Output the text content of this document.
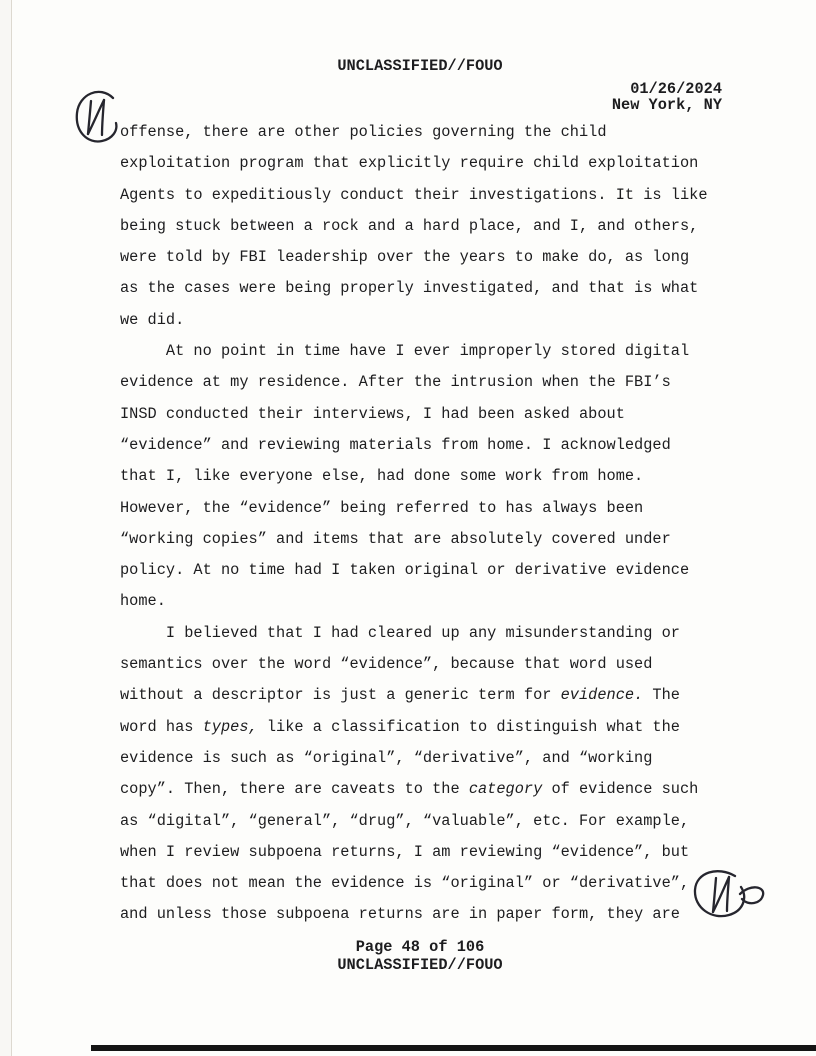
UNCLASSIFIED//FOUO
01/26/2024
New York, NY
offense, there are other policies governing the child
exploitation program that explicitly require child exploitation
Agents to expeditiously conduct their investigations. It is like
being stuck between a rock and a hard place, and I, and others,
were told by FBI leadership over the years to make do, as long
as the cases were being properly investigated, and that is what
we did.
At no point in time have I ever improperly stored digital
evidence at my residence. After the intrusion when the FBI’s
INSD conducted their interviews, I had been asked about
“evidence” and reviewing materials from home. I acknowledged
that I, like everyone else, had done some work from home.
However, the “evidence” being referred to has always been
“working copies” and items that are absolutely covered under
policy. At no time had I taken original or derivative evidence
home.
I believed that I had cleared up any misunderstanding or
semantics over the word “evidence”, because that word used
without a descriptor is just a generic term for evidence. The
word has types, like a classification to distinguish what the
evidence is such as “original”, “derivative”, and “working
copy”. Then, there are caveats to the category of evidence such
as “digital”, “general”, “drug”, “valuable”, etc. For example,
when I review subpoena returns, I am reviewing “evidence”, but
that does not mean the evidence is “original” or “derivative”,
and unless those subpoena returns are in paper form, they are
Page 48 of 106
UNCLASSIFIED//FOUO
